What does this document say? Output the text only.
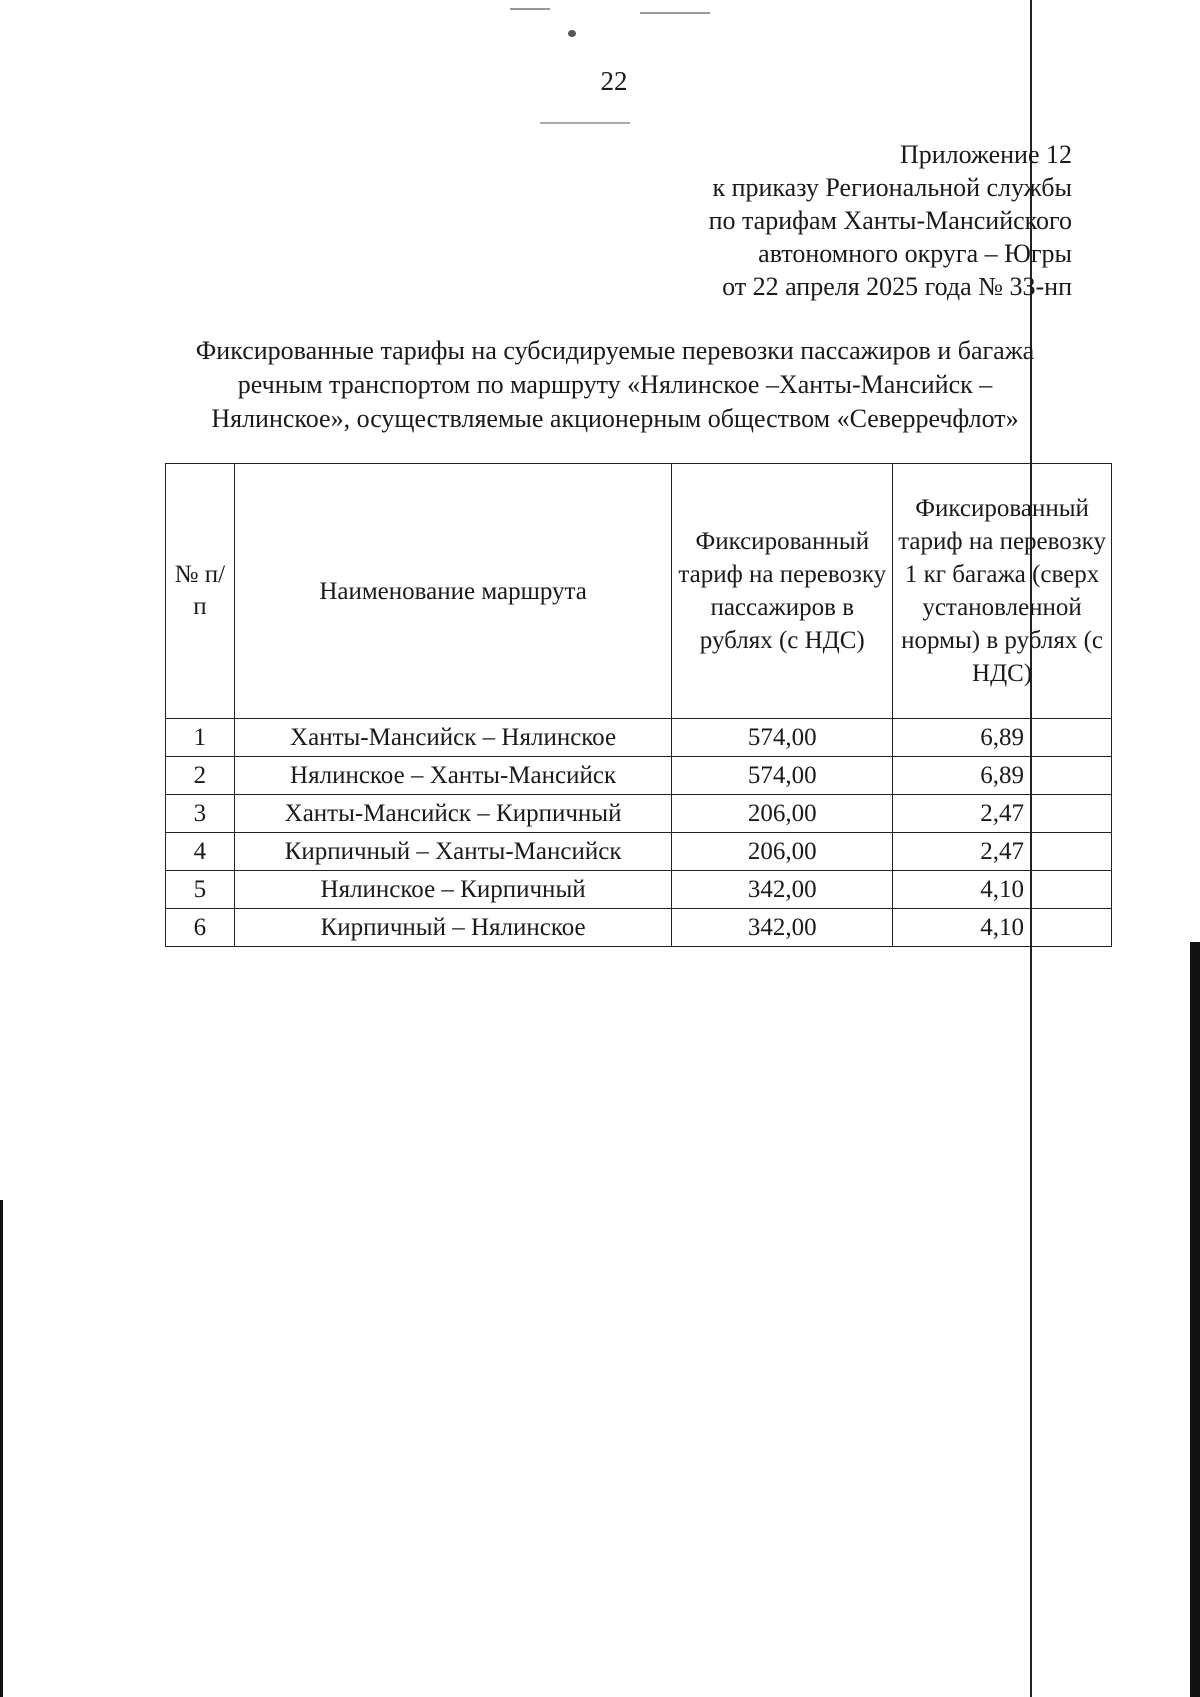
22
Приложение 12
к приказу Региональной службы
по тарифам Ханты-Мансийского
автономного округа – Югры
от 22 апреля 2025 года № 33-нп
Фиксированные тарифы на субсидируемые перевозки пассажиров и багажа
речным транспортом по маршруту «Нялинское –Ханты-Мансийск –
Нялинское», осуществляемые акционерным обществом «Северречфлот»
№ п/п	Наименование маршрута	Фиксированный тариф на перевозку пассажиров в рублях (с НДС)	Фиксированный тариф на перевозку 1 кг багажа (сверх установленной нормы) в рублях (с НДС)
1	Ханты-Мансийск – Нялинское	574,00	6,89
2	Нялинское – Ханты-Мансийск	574,00	6,89
3	Ханты-Мансийск – Кирпичный	206,00	2,47
4	Кирпичный – Ханты-Мансийск	206,00	2,47
5	Нялинское – Кирпичный	342,00	4,10
6	Кирпичный – Нялинское	342,00	4,10
